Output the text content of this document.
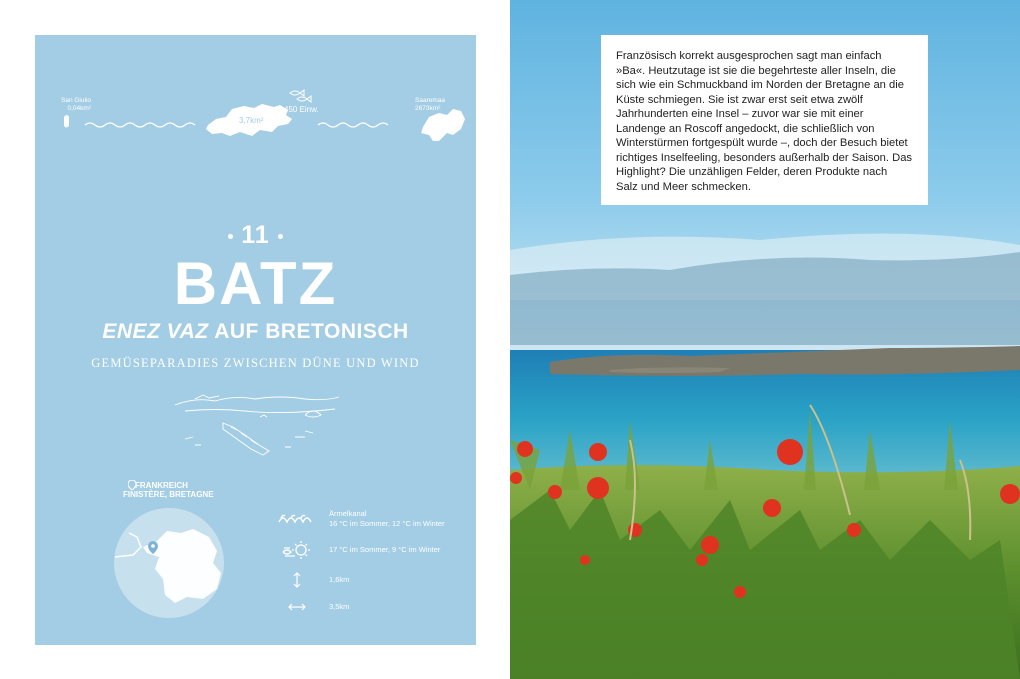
San Giulio
0,04km²
Saaremaa
2673km²
3,7km²
450 Einw.
11
BATZ
ENEZ VAZ AUF BRETONISCH
GEMÜSEPARADIES ZWISCHEN DÜNE UND WIND
FRANKREICH
FINISTÈRE, BRETAGNE
Ärmelkanal
16 °C im Sommer, 12 °C im Winter
17 °C im Sommer, 9 °C im Winter
1,6km
3,5km
Französisch korrekt ausgesprochen sagt man einfach »Ba«. Heutzutage ist sie die begehrteste aller Inseln, die sich wie ein Schmuckband im Norden der Bretagne an die Küste schmiegen. Sie ist zwar erst seit etwa zwölf Jahrhunderten eine Insel – zuvor war sie mit einer Landenge an Roscoff angedockt, die schließlich von Winterstürmen fortgespült wurde –, doch der Besuch bietet richtiges Inselfeeling, besonders außerhalb der Saison. Das Highlight? Die unzähligen Felder, deren Produkte nach Salz und Meer schmecken.
